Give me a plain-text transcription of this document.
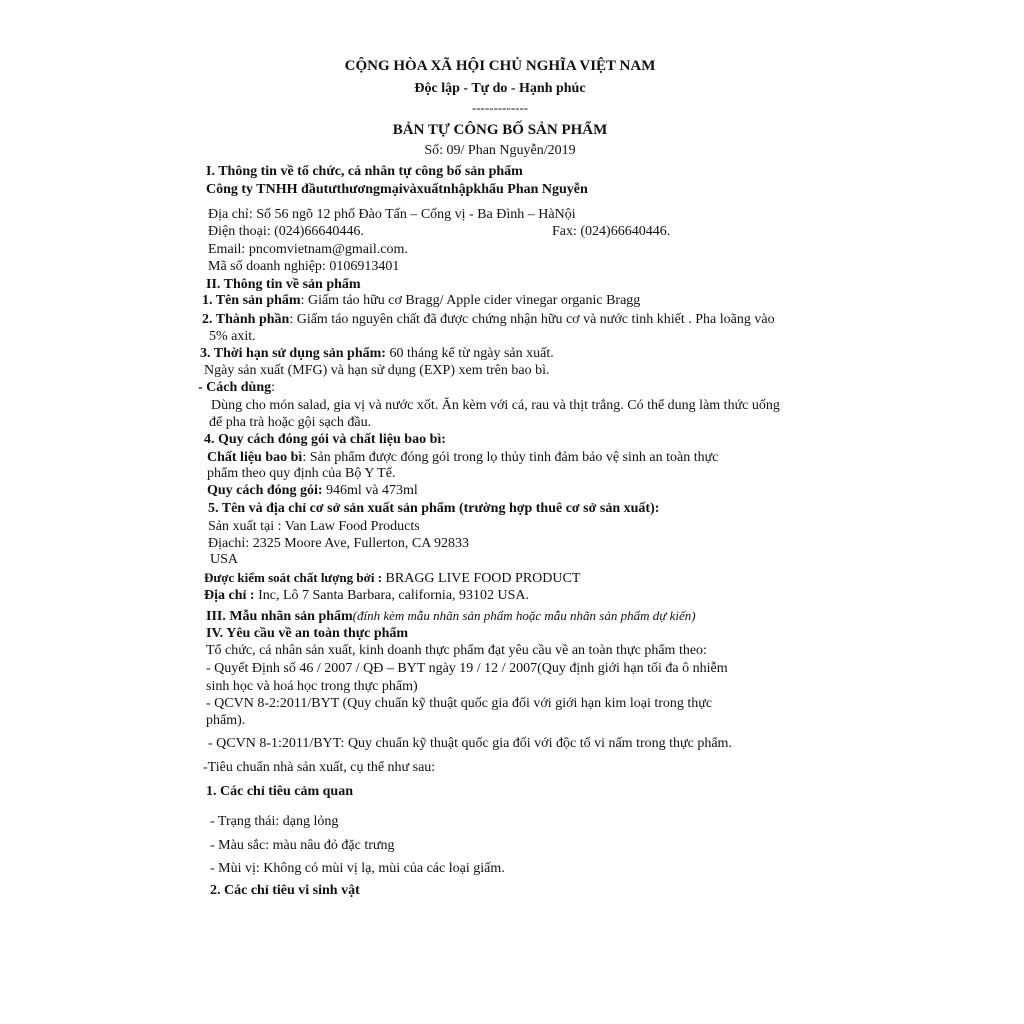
CỘNG HÒA XÃ HỘI CHỦ NGHĨA VIỆT NAM
Độc lập - Tự do - Hạnh phúc
-------------
BẢN TỰ CÔNG BỐ SẢN PHẨM
Số: 09/ Phan Nguyễn/2019
I. Thông tin về tổ chức, cá nhân tự công bố sản phẩm
Công ty TNHH đầutưthươngmạivàxuấtnhậpkhẩu Phan Nguyễn
Địa chỉ: Số 56 ngõ 12 phố Đào Tấn – Cống vị - Ba Đình – HàNội
Điện thoại: (024)66640446.	Fax: (024)66640446.
Email: pncomvietnam@gmail.com.
Mã số doanh nghiệp: 0106913401
II. Thông tin về sản phẩm
1. Tên sản phẩm: Giấm táo hữu cơ Bragg/ Apple cider vinegar organic Bragg
2. Thành phần: Giấm táo nguyên chất đã được chứng nhận hữu cơ và nước tinh khiết . Pha loãng vào
5% axit.
3. Thời hạn sử dụng sản phẩm: 60 tháng kể từ ngày sản xuất.
Ngày sản xuất (MFG) và hạn sử dụng (EXP) xem trên bao bì.
- Cách dùng:
Dùng cho món salad, gia vị và nước xốt. Ăn kèm với cá, rau và thịt trắng. Có thể dung làm thức uống
để pha trà hoặc gội sạch đầu.
4. Quy cách đóng gói và chất liệu bao bì:
Chất liệu bao bì: Sản phẩm được đóng gói trong lọ thủy tinh đảm bảo vệ sinh an toàn thực
phẩm theo quy định của Bộ Y Tế.
Quy cách đóng gói: 946ml và 473ml
5. Tên và địa chỉ cơ sở sản xuất sản phẩm (trường hợp thuê cơ sở sản xuất):
Sản xuất tại : Van Law Food Products
Địachỉ: 2325 Moore Ave, Fullerton, CA 92833
USA
Được kiểm soát chất lượng bởi : BRAGG LIVE FOOD PRODUCT
Địa chỉ : Inc, Lô 7 Santa Barbara, california, 93102 USA.
III. Mẫu nhãn sản phẩm(đính kèm mẫu nhãn sản phẩm hoặc mẫu nhãn sản phẩm dự kiến)
IV. Yêu cầu về an toàn thực phẩm
Tổ chức, cá nhân sản xuất, kinh doanh thực phẩm đạt yêu cầu về an toàn thực phẩm theo:
- Quyết Định số 46 / 2007 / QĐ – BYT ngày 19 / 12 / 2007(Quy định giới hạn tối đa ô nhiễm
sinh học và hoá học trong thực phẩm)
- QCVN 8-2:2011/BYT (Quy chuẩn kỹ thuật quốc gia đối với giới hạn kim loại trong thực
phẩm).
- QCVN 8-1:2011/BYT: Quy chuẩn kỹ thuật quốc gia đối với độc tố vi nấm trong thực phẩm.
-Tiêu chuẩn nhà sản xuất, cụ thể như sau:
1. Các chỉ tiêu cảm quan
- Trạng thái: dạng lỏng
- Màu sắc: màu nâu đỏ đặc trưng
- Mùi vị: Không có mùi vị lạ, mùi của các loại giấm.
2. Các chỉ tiêu vi sinh vật
